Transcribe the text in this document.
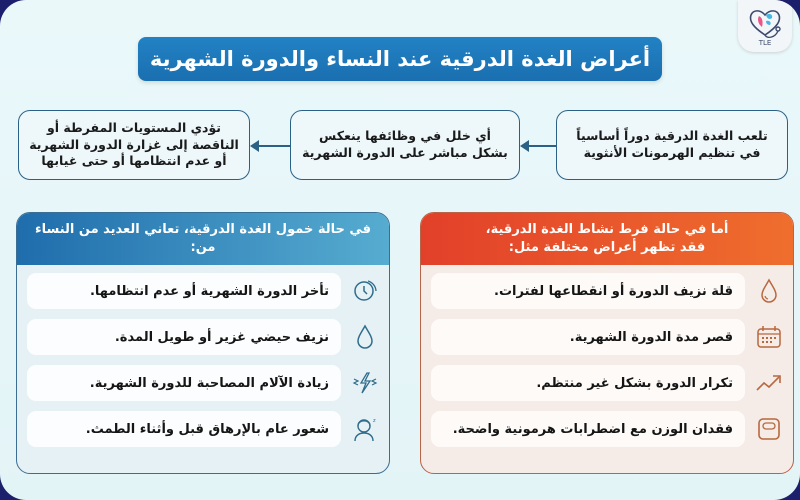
TLE
أعراض الغدة الدرقية عند النساء والدورة الشهرية
تلعب الغدة الدرقية دوراً أساسياً
في تنظيم الهرمونات الأنثوية
أي خلل في وظائفها ينعكس
بشكل مباشر على الدورة الشهرية
تؤدي المستويات المفرطة أو
الناقصة إلى غزارة الدورة الشهرية
أو عدم انتظامها أو حتى غيابها
أما في حالة فرط نشاط الغدة الدرقية،
فقد تظهر أعراض مختلفة مثل:
قلة نزيف الدورة أو انقطاعها لفترات.
قصر مدة الدورة الشهرية.
تكرار الدورة بشكل غير منتظم.
فقدان الوزن مع اضطرابات هرمونية واضحة.
في حالة خمول الغدة الدرقية، تعاني العديد من النساء من:
تأخر الدورة الشهرية أو عدم انتظامها.
نزيف حيضي غزير أو طويل المدة.
زيادة الآلام المصاحبة للدورة الشهرية.
z
شعور عام بالإرهاق قبل وأثناء الطمث.
